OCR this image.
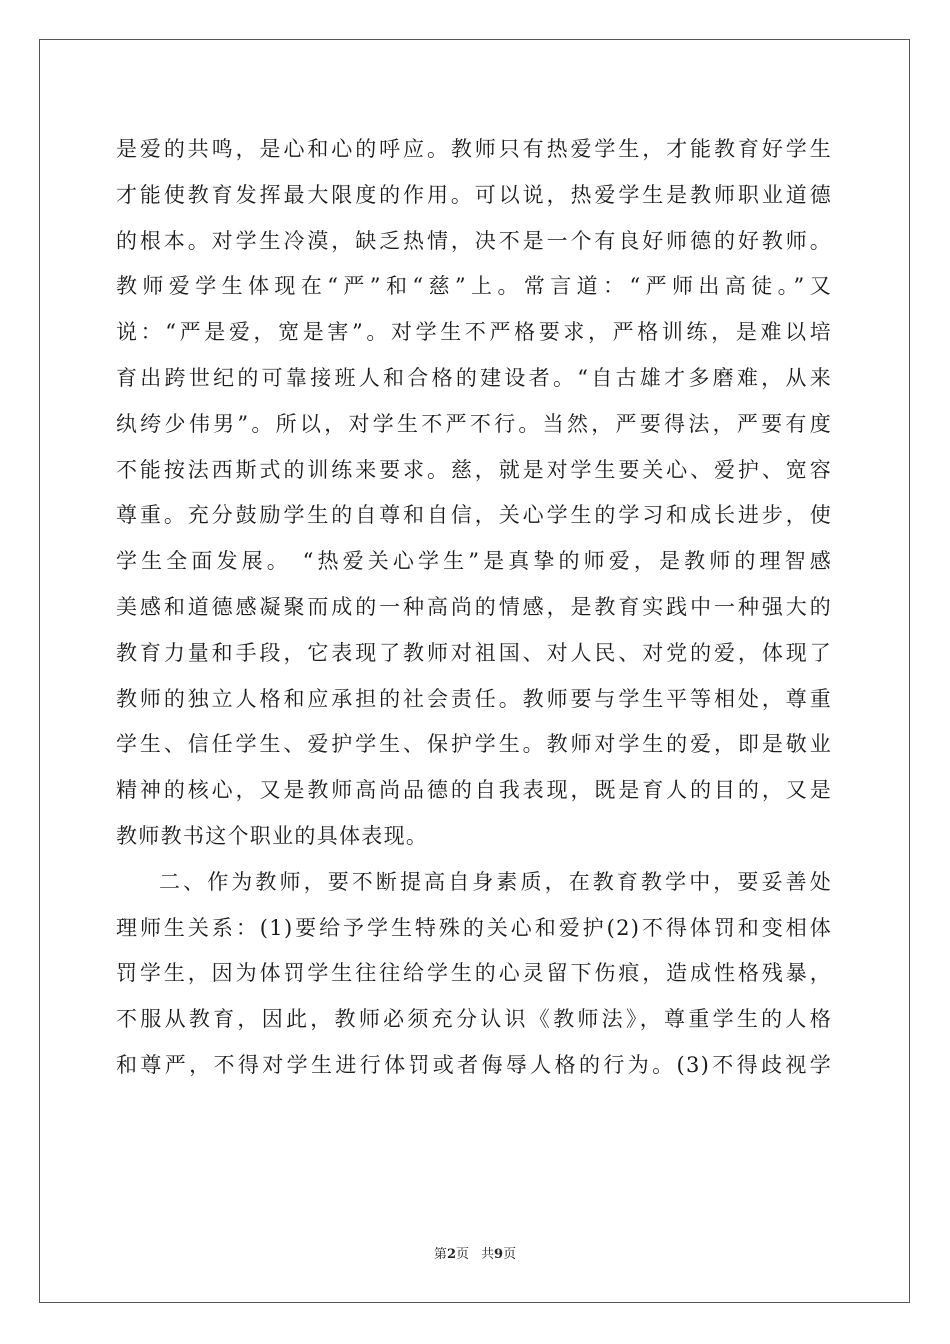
是爱的共鸣，是心和心的呼应。教师只有热爱学生，才能教育好学生
才能使教育发挥最大限度的作用。可以说，热爱学生是教师职业道德
的根本。对学生冷漠，缺乏热情，决不是一个有良好师德的好教师。
教师爱学生体现在“严”和“慈”上。常言道：“严师出高徒。”又
说：“严是爱，宽是害”。对学生不严格要求，严格训练，是难以培
育出跨世纪的可靠接班人和合格的建设者。“自古雄才多磨难，从来
纨绔少伟男”。所以，对学生不严不行。当然，严要得法，严要有度
不能按法西斯式的训练来要求。慈，就是对学生要关心、爱护、宽容
尊重。充分鼓励学生的自尊和自信，关心学生的学习和成长进步，使
学生全面发展。 “热爱关心学生”是真挚的师爱，是教师的理智感
美感和道德感凝聚而成的一种高尚的情感，是教育实践中一种强大的
教育力量和手段，它表现了教师对祖国、对人民、对党的爱，体现了
教师的独立人格和应承担的社会责任。教师要与学生平等相处，尊重
学生、信任学生、爱护学生、保护学生。教师对学生的爱，即是敬业
精神的核心，又是教师高尚品德的自我表现，既是育人的目的，又是
教师教书这个职业的具体表现。
二、作为教师，要不断提高自身素质，在教育教学中，要妥善处
理师生关系：(1)要给予学生特殊的关心和爱护(2)不得体罚和变相体
罚学生，因为体罚学生往往给学生的心灵留下伤痕，造成性格残暴，
不服从教育，因此，教师必须充分认识《教师法》，尊重学生的人格
和尊严，不得对学生进行体罚或者侮辱人格的行为。(3)不得歧视学
第2页 共9页
